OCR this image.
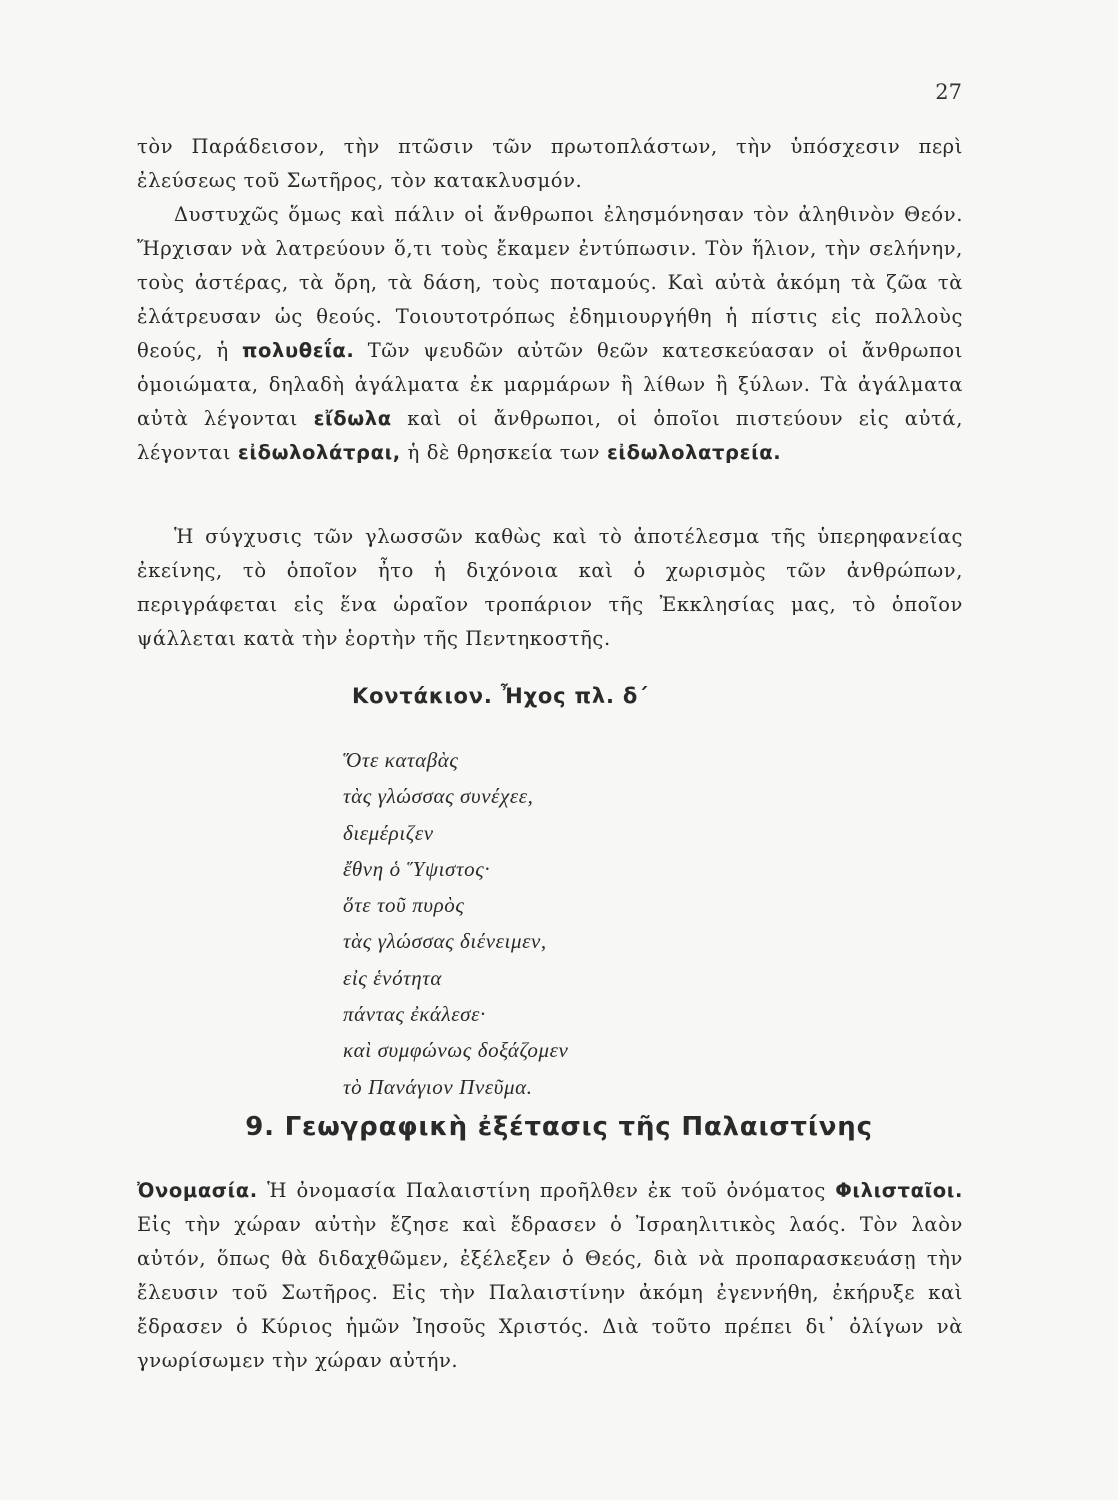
27

τὸν Παράδεισον, τὴν πτῶσιν τῶν πρωτοπλάστων, τὴν ὑπόσχεσιν περὶ ἐλεύσεως τοῦ Σωτῆρος, τὸν κατακλυσμόν.

Δυστυχῶς ὅμως καὶ πάλιν οἱ ἄνθρωποι ἐλησμόνησαν τὸν ἀληθινὸν Θεόν. Ἤρχισαν νὰ λατρεύουν ὅ,τι τοὺς ἔκαμεν ἐντύπωσιν. Τὸν ἥλιον, τὴν σελήνην, τοὺς ἀστέρας, τὰ ὄρη, τὰ δάση, τοὺς ποταμούς. Καὶ αὐτὰ ἀκόμη τὰ ζῶα τὰ ἐλάτρευσαν ὡς θεούς. Τοιουτοτρόπως ἐδημιουργήθη ἡ πίστις εἰς πολλοὺς θεούς, ἡ πολυθεΐα. Τῶν ψευδῶν αὐτῶν θεῶν κατεσκεύασαν οἱ ἄνθρωποι ὁμοιώματα, δηλαδὴ ἀγάλματα ἐκ μαρμάρων ἢ λίθων ἢ ξύλων. Τὰ ἀγάλματα αὐτὰ λέγονται εἴδωλα καὶ οἱ ἄνθρωποι, οἱ ὁποῖοι πιστεύουν εἰς αὐτά, λέγονται εἰδωλολάτραι, ἡ δὲ θρησκεία των εἰδωλολατρεία.

Ἡ σύγχυσις τῶν γλωσσῶν καθὼς καὶ τὸ ἀποτέλεσμα τῆς ὑπερηφανείας ἐκείνης, τὸ ὁποῖον ἦτο ἡ διχόνοια καὶ ὁ χωρισμὸς τῶν ἀνθρώπων, περιγράφεται εἰς ἕνα ὡραῖον τροπάριον τῆς Ἐκκλησίας μας, τὸ ὁποῖον ψάλλεται κατὰ τὴν ἑορτὴν τῆς Πεντηκοστῆς.

Κοντάκιον. Ἦχος πλ. δ΄
Ὅτε καταβὰς
τὰς γλώσσας συνέχεε,
διεμέριζεν
ἔθνη ὁ Ὕψιστος·
ὅτε τοῦ πυρὸς
τὰς γλώσσας διένειμεν,
εἰς ἑνότητα
πάντας ἐκάλεσε·
καὶ συμφώνως δοξάζομεν
τὸ Πανάγιον Πνεῦμα.
9. Γεωγραφικὴ ἐξέτασις τῆς Παλαιστίνης

Ὀνομασία. Ἡ ὀνομασία Παλαιστίνη προῆλθεν ἐκ τοῦ ὀνόματος Φιλισταῖοι. Εἰς τὴν χώραν αὐτὴν ἔζησε καὶ ἔδρασεν ὁ Ἰσραηλιτικὸς λαός. Τὸν λαὸν αὐτόν, ὅπως θὰ διδαχθῶμεν, ἐξέλεξεν ὁ Θεός, διὰ νὰ προπαρασκευάσῃ τὴν ἔλευσιν τοῦ Σωτῆρος. Εἰς τὴν Παλαιστίνην ἀκόμη ἐγεννήθη, ἐκήρυξε καὶ ἔδρασεν ὁ Κύριος ἡμῶν Ἰησοῦς Χριστός. Διὰ τοῦτο πρέπει δι᾽ ὀλίγων νὰ γνωρίσωμεν τὴν χώραν αὐτήν.
